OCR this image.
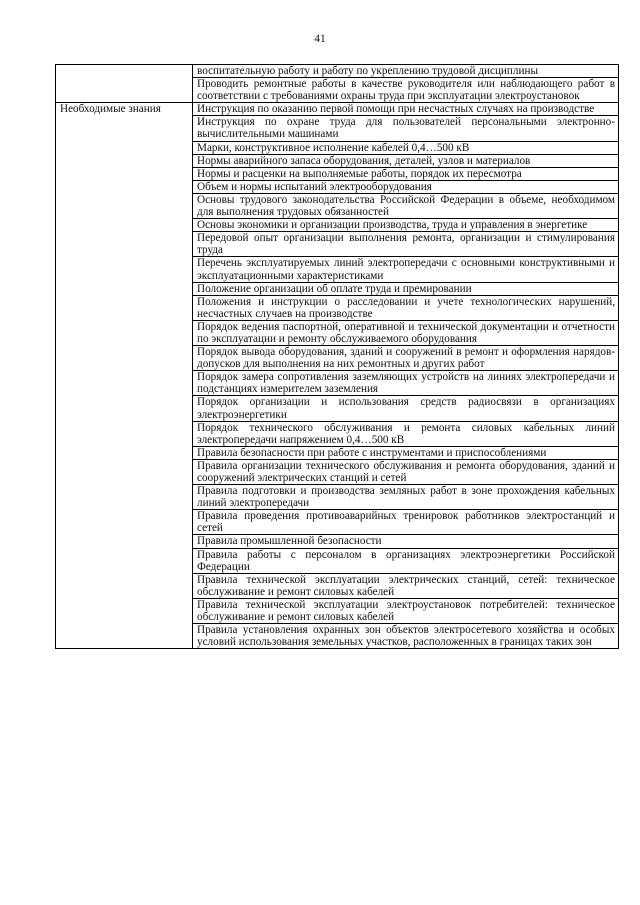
41
	воспитательную работу и работу по укреплению трудовой дисциплины
	Проводить ремонтные работы в качестве руководителя или наблюдающего работ в соответствии с требованиями охраны труда при эксплуатации электроустановок
Необходимые знания	Инструкция по оказанию первой помощи при несчастных случаях на производстве
	Инструкция по охране труда для пользователей персональными электронно-вычислительными машинами
	Марки, конструктивное исполнение кабелей 0,4…500 кВ
	Нормы аварийного запаса оборудования, деталей, узлов и материалов
	Нормы и расценки на выполняемые работы, порядок их пересмотра
	Объем и нормы испытаний электрооборудования
	Основы трудового законодательства Российской Федерации в объеме, необходимом для выполнения трудовых обязанностей
	Основы экономики и организации производства, труда и управления в энергетике
	Передовой опыт организации выполнения ремонта, организации и стимулирования труда
	Перечень эксплуатируемых линий электропередачи с основными конструктивными и эксплуатационными характеристиками
	Положение организации об оплате труда и премировании
	Положения и инструкции о расследовании и учете технологических нарушений, несчастных случаев на производстве
	Порядок ведения паспортной, оперативной и технической документации и отчетности по эксплуатации и ремонту обслуживаемого оборудования
	Порядок вывода оборудования, зданий и сооружений в ремонт и оформления нарядов-допусков для выполнения на них ремонтных и других работ
	Порядок замера сопротивления заземляющих устройств на линиях электропередачи и подстанциях измерителем заземления
	Порядок организации и использования средств радиосвязи в организациях электроэнергетики
	Порядок технического обслуживания и ремонта силовых кабельных линий электропередачи напряжением 0,4…500 кВ
	Правила безопасности при работе с инструментами и приспособлениями
	Правила организации технического обслуживания и ремонта оборудования, зданий и сооружений электрических станций и сетей
	Правила подготовки и производства земляных работ в зоне прохождения кабельных линий электропередачи
	Правила проведения противоаварийных тренировок работников электростанций и сетей
	Правила промышленной безопасности
	Правила работы с персоналом в организациях электроэнергетики Российской Федерации
	Правила технической эксплуатации электрических станций, сетей: техническое обслуживание и ремонт силовых кабелей
	Правила технической эксплуатации электроустановок потребителей: техническое обслуживание и ремонт силовых кабелей
	Правила установления охранных зон объектов электросетевого хозяйства и особых условий использования земельных участков, расположенных в границах таких зон
